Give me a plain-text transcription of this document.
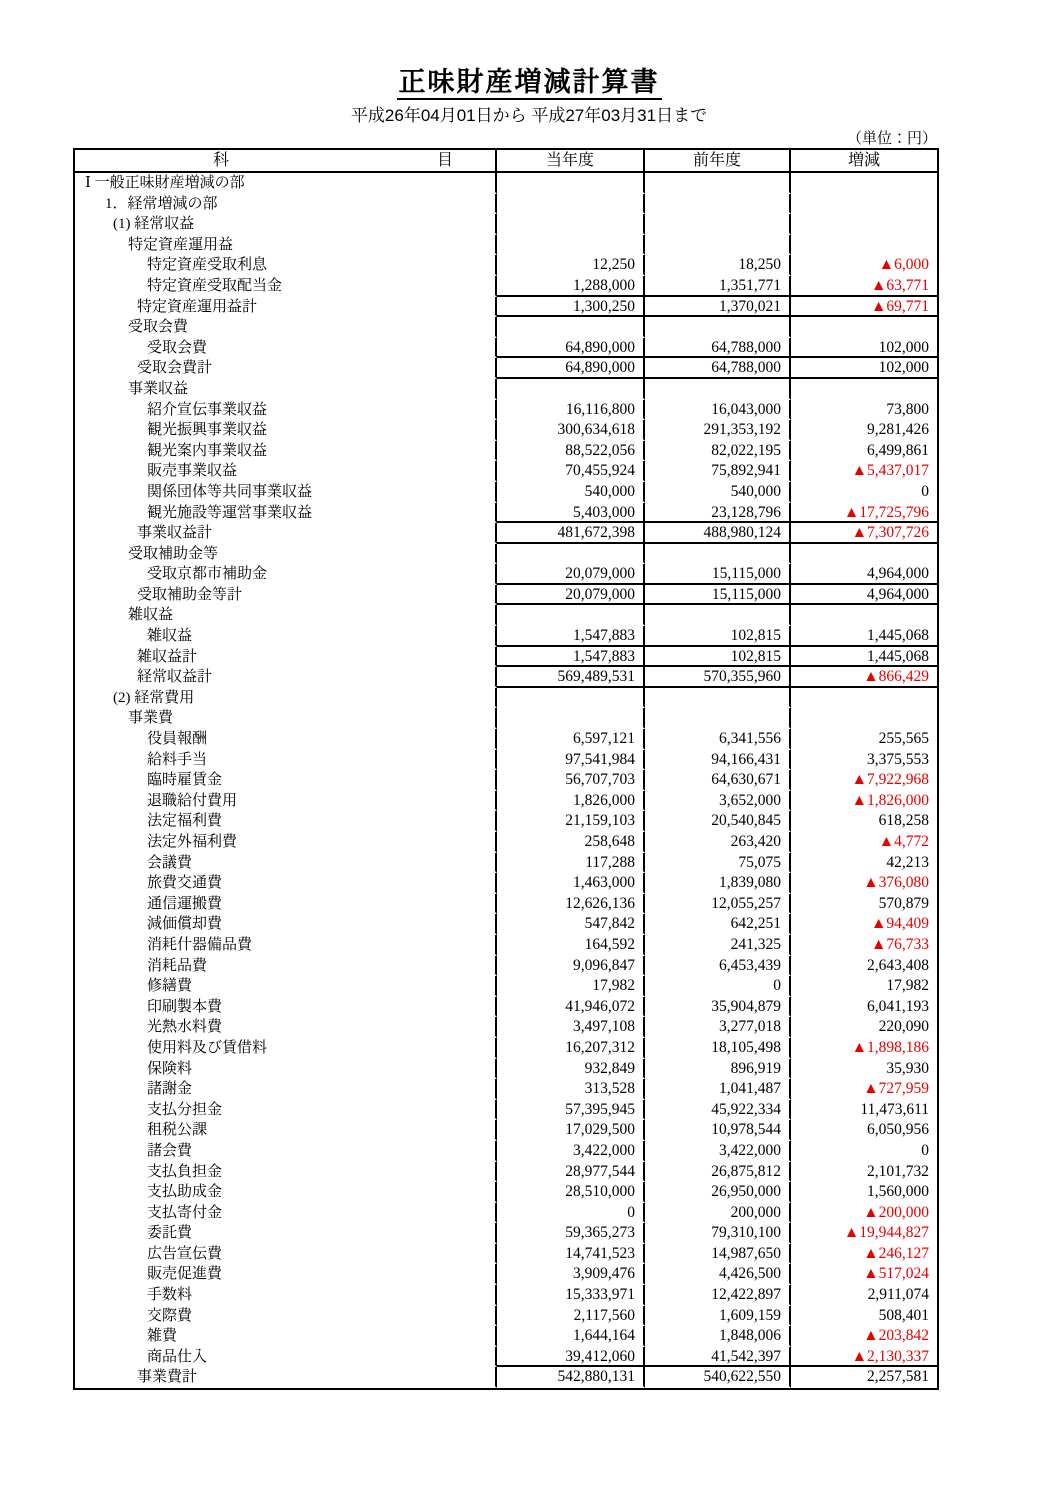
正味財産増減計算書
平成26年04月01日から 平成27年03月31日まで
（単位：円）
科	目	当年度	前年度	増減
Ⅰ 一般正味財産増減の部
1．経常増減の部
(1) 経常収益
特定資産運用益
特定資産受取利息	12,250	18,250	▲6,000
特定資産受取配当金	1,288,000	1,351,771	▲63,771
特定資産運用益計	1,300,250	1,370,021	▲69,771
受取会費
受取会費	64,890,000	64,788,000	102,000
受取会費計	64,890,000	64,788,000	102,000
事業収益
紹介宣伝事業収益	16,116,800	16,043,000	73,800
観光振興事業収益	300,634,618	291,353,192	9,281,426
観光案内事業収益	88,522,056	82,022,195	6,499,861
販売事業収益	70,455,924	75,892,941	▲5,437,017
関係団体等共同事業収益	540,000	540,000	0
観光施設等運営事業収益	5,403,000	23,128,796	▲17,725,796
事業収益計	481,672,398	488,980,124	▲7,307,726
受取補助金等
受取京都市補助金	20,079,000	15,115,000	4,964,000
受取補助金等計	20,079,000	15,115,000	4,964,000
雑収益
雑収益	1,547,883	102,815	1,445,068
雑収益計	1,547,883	102,815	1,445,068
経常収益計	569,489,531	570,355,960	▲866,429
(2) 経常費用
事業費
役員報酬	6,597,121	6,341,556	255,565
給料手当	97,541,984	94,166,431	3,375,553
臨時雇賃金	56,707,703	64,630,671	▲7,922,968
退職給付費用	1,826,000	3,652,000	▲1,826,000
法定福利費	21,159,103	20,540,845	618,258
法定外福利費	258,648	263,420	▲4,772
会議費	117,288	75,075	42,213
旅費交通費	1,463,000	1,839,080	▲376,080
通信運搬費	12,626,136	12,055,257	570,879
減価償却費	547,842	642,251	▲94,409
消耗什器備品費	164,592	241,325	▲76,733
消耗品費	9,096,847	6,453,439	2,643,408
修繕費	17,982	0	17,982
印刷製本費	41,946,072	35,904,879	6,041,193
光熱水料費	3,497,108	3,277,018	220,090
使用料及び賃借料	16,207,312	18,105,498	▲1,898,186
保険料	932,849	896,919	35,930
諸謝金	313,528	1,041,487	▲727,959
支払分担金	57,395,945	45,922,334	11,473,611
租税公課	17,029,500	10,978,544	6,050,956
諸会費	3,422,000	3,422,000	0
支払負担金	28,977,544	26,875,812	2,101,732
支払助成金	28,510,000	26,950,000	1,560,000
支払寄付金	0	200,000	▲200,000
委託費	59,365,273	79,310,100	▲19,944,827
広告宣伝費	14,741,523	14,987,650	▲246,127
販売促進費	3,909,476	4,426,500	▲517,024
手数料	15,333,971	12,422,897	2,911,074
交際費	2,117,560	1,609,159	508,401
雑費	1,644,164	1,848,006	▲203,842
商品仕入	39,412,060	41,542,397	▲2,130,337
事業費計	542,880,131	540,622,550	2,257,581
